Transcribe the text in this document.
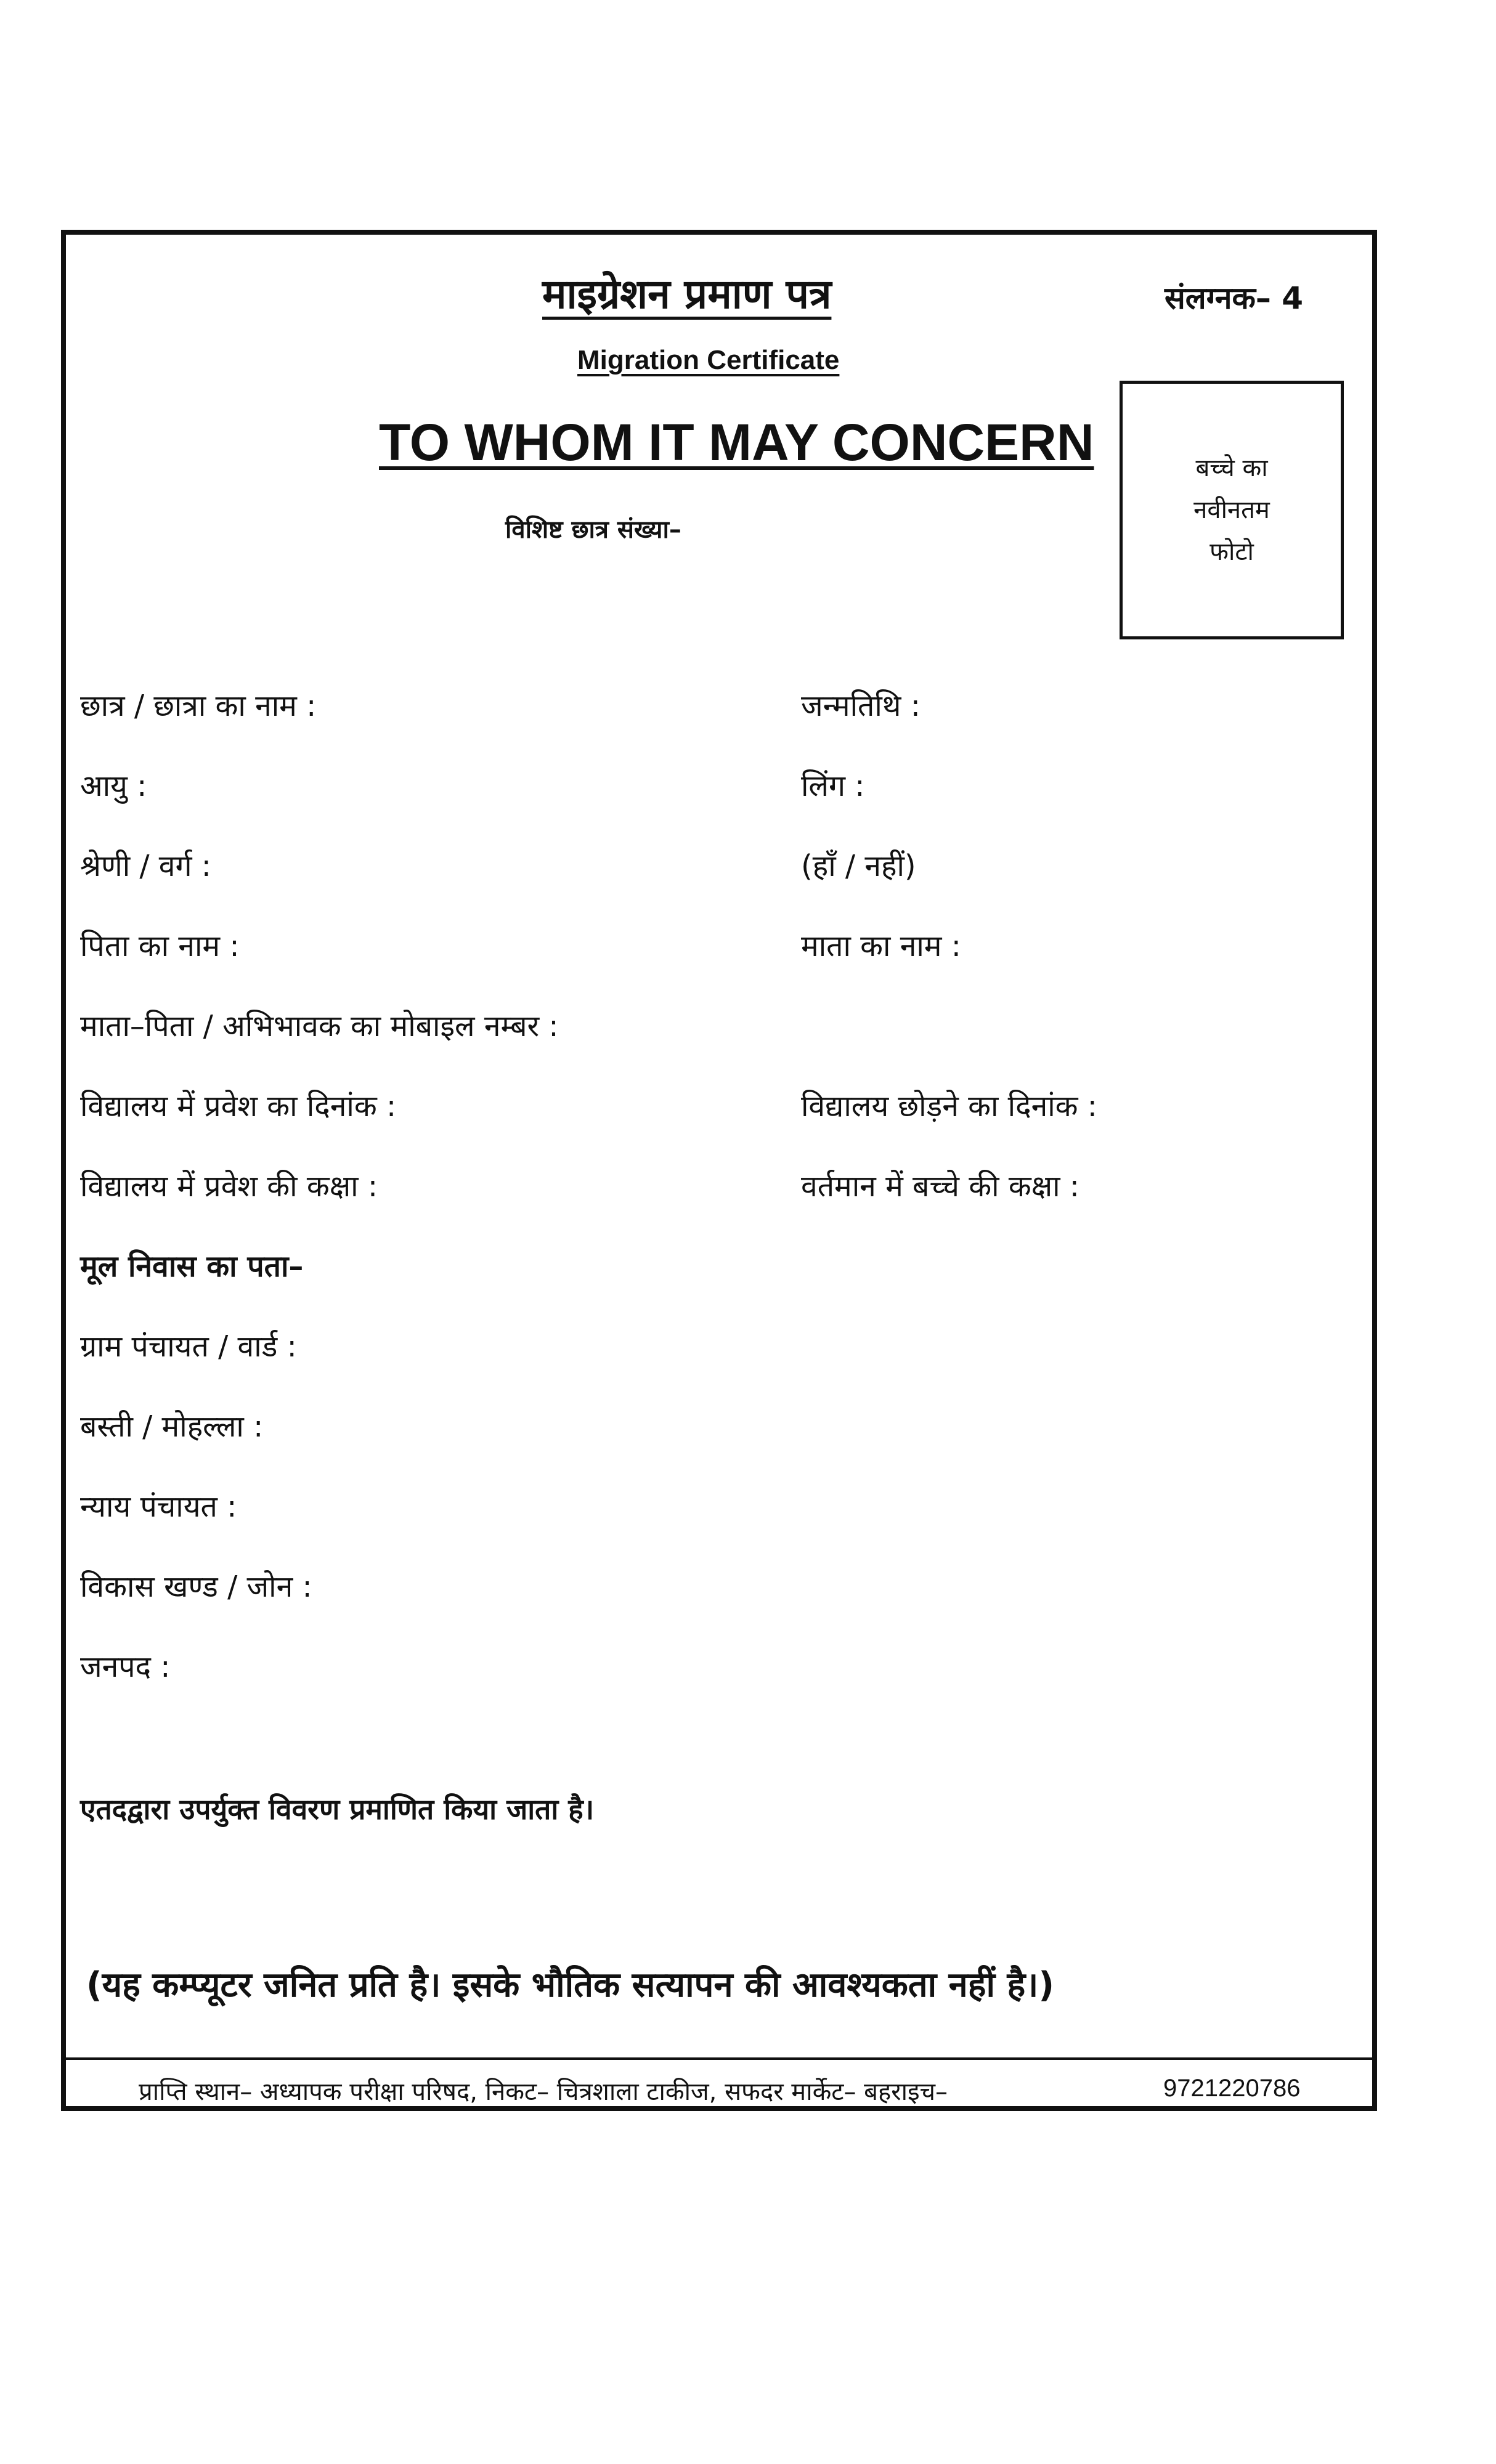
माइग्रेशन प्रमाण पत्र	संलग्नक– 4
Migration Certificate
TO WHOM IT MAY CONCERN
विशिष्ट छात्र संख्या–
बच्चे का
नवीनतम
फोटो
छात्र / छात्रा का नाम :	जन्मतिथि :
आयु :	लिंग :
श्रेणी / वर्ग :	(हाँ / नहीं)
पिता का नाम :	माता का नाम :
माता–पिता / अभिभावक का मोबाइल नम्बर :
विद्यालय में प्रवेश का दिनांक :	विद्यालय छोड़ने का दिनांक :
विद्यालय में प्रवेश की कक्षा :	वर्तमान में बच्चे की कक्षा :
मूल निवास का पता–
ग्राम पंचायत / वार्ड :
बस्ती / मोहल्ला :
न्याय पंचायत :
विकास खण्ड / जोन :
जनपद :
एतदद्वारा उपर्युक्त विवरण प्रमाणित किया जाता है।
(यह कम्प्यूटर जनित प्रति है। इसके भौतिक सत्यापन की आवश्यकता नहीं है।)
प्राप्ति स्थान– अध्यापक परीक्षा परिषद, निकट– चित्रशाला टाकीज, सफदर मार्केट– बहराइच–	9721220786
